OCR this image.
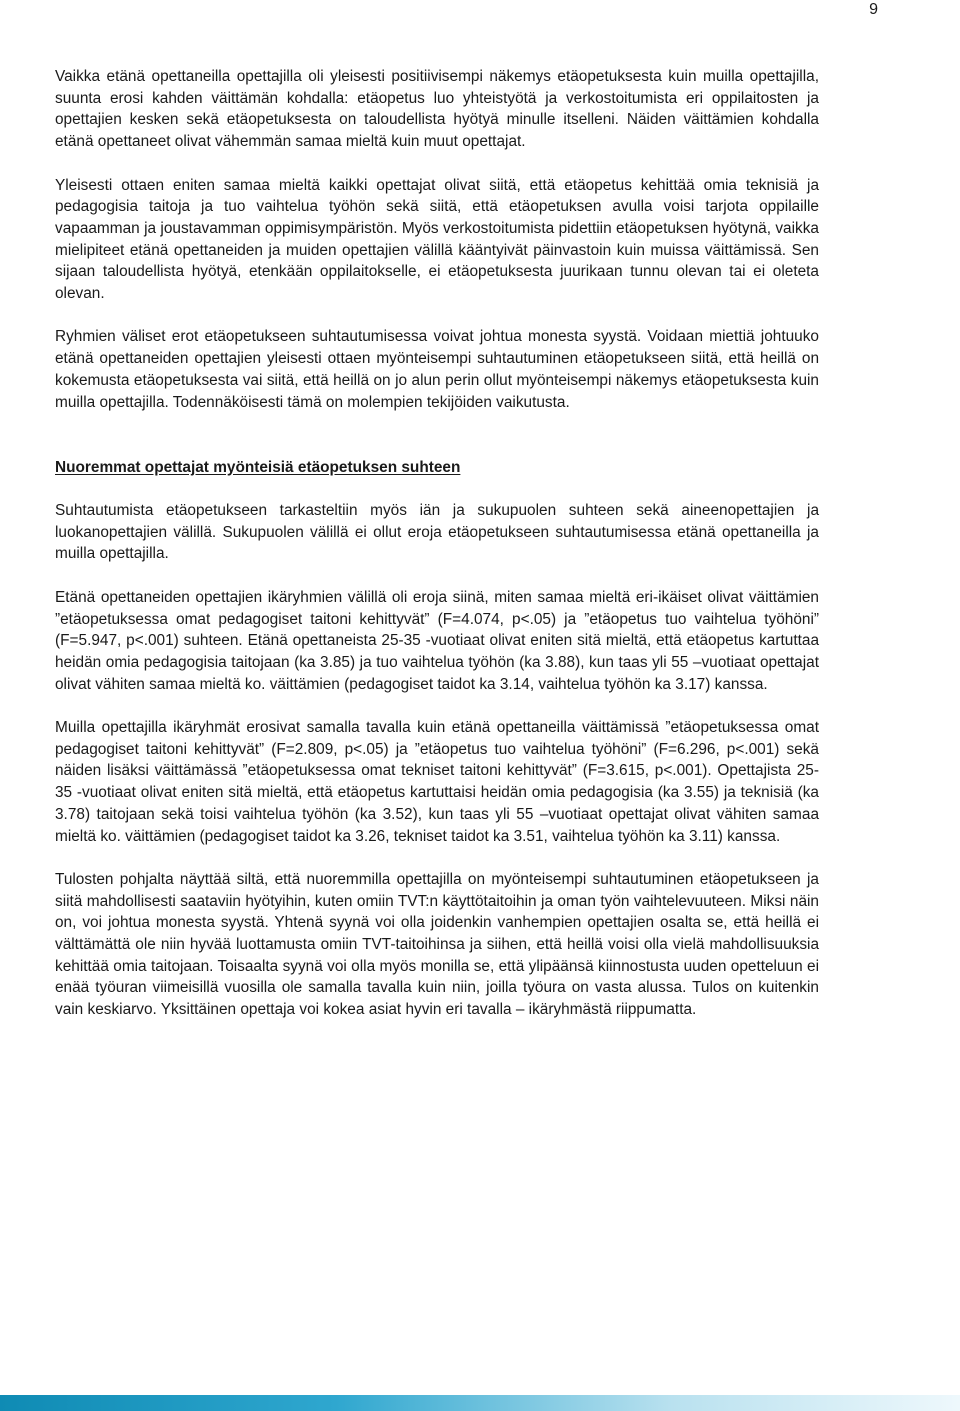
9

Vaikka etänä opettaneilla opettajilla oli yleisesti positiivisempi näkemys etäopetuksesta kuin muilla opettajilla, suunta erosi kahden väittämän kohdalla: etäopetus luo yhteistyötä ja verkostoitumista eri oppilaitosten ja opettajien kesken sekä etäopetuksesta on taloudellista hyötyä minulle itselleni. Näiden väittämien kohdalla etänä opettaneet olivat vähemmän samaa mieltä kuin muut opettajat.

Yleisesti ottaen eniten samaa mieltä kaikki opettajat olivat siitä, että etäopetus kehittää omia teknisiä ja pedagogisia taitoja ja tuo vaihtelua työhön sekä siitä, että etäopetuksen avulla voisi tarjota oppilaille vapaamman ja joustavamman oppimisympäristön. Myös verkostoitumista pidettiin etäopetuksen hyötynä, vaikka mielipiteet etänä opettaneiden ja muiden opettajien välillä kääntyivät päinvastoin kuin muissa väittämissä. Sen sijaan taloudellista hyötyä, etenkään oppilaitokselle, ei etäopetuksesta juurikaan tunnu olevan tai ei oleteta olevan.

Ryhmien väliset erot etäopetukseen suhtautumisessa voivat johtua monesta syystä. Voidaan miettiä johtuuko etänä opettaneiden opettajien yleisesti ottaen myönteisempi suhtautuminen etäopetukseen siitä, että heillä on kokemusta etäopetuksesta vai siitä, että heillä on jo alun perin ollut myönteisempi näkemys etäopetuksesta kuin muilla opettajilla. Todennäköisesti tämä on molempien tekijöiden vaikutusta.

Nuoremmat opettajat myönteisiä etäopetuksen suhteen

Suhtautumista etäopetukseen tarkasteltiin myös iän ja sukupuolen suhteen sekä aineenopettajien ja luokanopettajien välillä. Sukupuolen välillä ei ollut eroja etäopetukseen suhtautumisessa etänä opettaneilla ja muilla opettajilla.

Etänä opettaneiden opettajien ikäryhmien välillä oli eroja siinä, miten samaa mieltä eri-ikäiset olivat väittämien ”etäopetuksessa omat pedagogiset taitoni kehittyvät” (F=4.074, p<.05) ja ”etäopetus tuo vaihtelua työhöni” (F=5.947, p<.001) suhteen. Etänä opettaneista 25-35 -vuotiaat olivat eniten sitä mieltä, että etäopetus kartuttaa heidän omia pedagogisia taitojaan (ka 3.85) ja tuo vaihtelua työhön (ka 3.88), kun taas yli 55 –vuotiaat opettajat olivat vähiten samaa mieltä ko. väittämien (pedagogiset taidot ka 3.14, vaihtelua työhön ka 3.17) kanssa.

Muilla opettajilla ikäryhmät erosivat samalla tavalla kuin etänä opettaneilla väittämissä ”etäopetuksessa omat pedagogiset taitoni kehittyvät” (F=2.809, p<.05) ja ”etäopetus tuo vaihtelua työhöni” (F=6.296, p<.001) sekä näiden lisäksi väittämässä ”etäopetuksessa omat tekniset taitoni kehittyvät” (F=3.615, p<.001). Opettajista 25-35 -vuotiaat olivat eniten sitä mieltä, että etäopetus kartuttaisi heidän omia pedagogisia (ka 3.55) ja teknisiä (ka 3.78) taitojaan sekä toisi vaihtelua työhön (ka 3.52), kun taas yli 55 –vuotiaat opettajat olivat vähiten samaa mieltä ko. väittämien (pedagogiset taidot ka 3.26, tekniset taidot ka 3.51, vaihtelua työhön ka 3.11) kanssa.

Tulosten pohjalta näyttää siltä, että nuoremmilla opettajilla on myönteisempi suhtautuminen etäopetukseen ja siitä mahdollisesti saataviin hyötyihin, kuten omiin TVT:n käyttötaitoihin ja oman työn vaihtelevuuteen. Miksi näin on, voi johtua monesta syystä. Yhtenä syynä voi olla joidenkin vanhempien opettajien osalta se, että heillä ei välttämättä ole niin hyvää luottamusta omiin TVT-taitoihinsa ja siihen, että heillä voisi olla vielä mahdollisuuksia kehittää omia taitojaan. Toisaalta syynä voi olla myös monilla se, että ylipäänsä kiinnostusta uuden opetteluun ei enää työuran viimeisillä vuosilla ole samalla tavalla kuin niin, joilla työura on vasta alussa. Tulos on kuitenkin vain keskiarvo. Yksittäinen opettaja voi kokea asiat hyvin eri tavalla – ikäryhmästä riippumatta.
